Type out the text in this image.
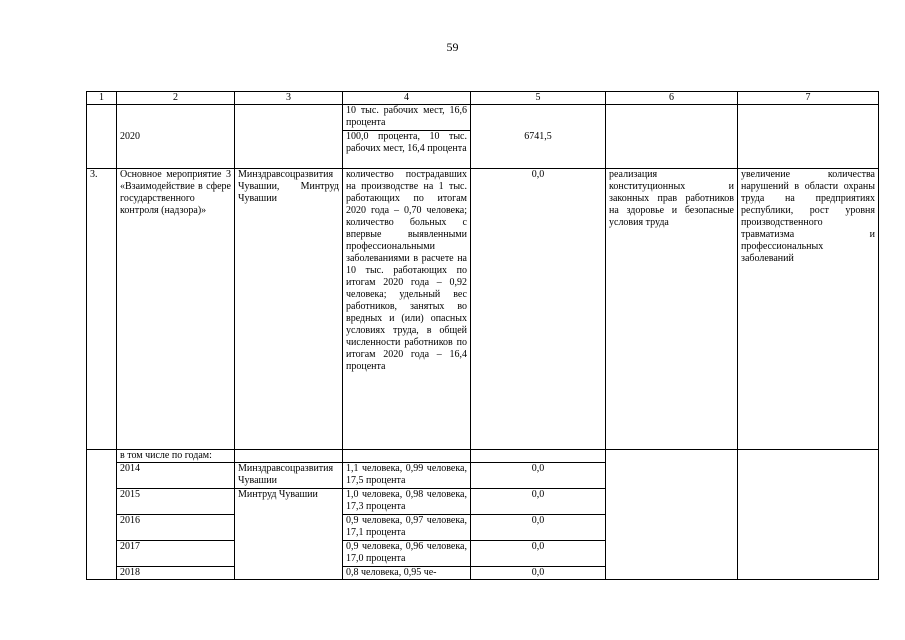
59
1	2	3	4	5	6	7
			10 тыс. рабочих мест, 16,6 процента			
	2020		100,0 процента, 10 тыс. рабочих мест, 16,4 процента	6741,5		
3.	Основное мероприятие 3 «Взаимодействие в сфере государственного контроля (надзора)»	Минздравсоцразвития Чувашии, Минтруд Чувашии	количество пострадавших на производстве на 1 тыс. работающих по итогам 2020 года – 0,70 человека; количество больных с впервые выявленными профессиональными заболеваниями в расчете на 10 тыс. работающих по итогам 2020 года – 0,92 человека; удельный вес работников, занятых во вредных и (или) опасных условиях труда, в общей численности работников по итогам 2020 года – 16,4 процента	0,0	реализация конституционных и законных прав работников на здоровье и безопасные условия труда	увеличение количества нарушений в области охраны труда на предприятиях республики, рост уровня производственного травматизма и профессиональных заболеваний
	в том числе по годам:					
	2014	Минздравсоцразвития Чувашии	1,1 человека, 0,99 человека, 17,5 процента	0,0		
	2015	Минтруд Чувашии	1,0 человека, 0,98 человека, 17,3 процента	0,0		
	2016		0,9 человека, 0,97 человека, 17,1 процента	0,0		
	2017		0,9 человека, 0,96 человека, 17,0 процента	0,0		
	2018		0,8 человека, 0,95 че-	0,0		
